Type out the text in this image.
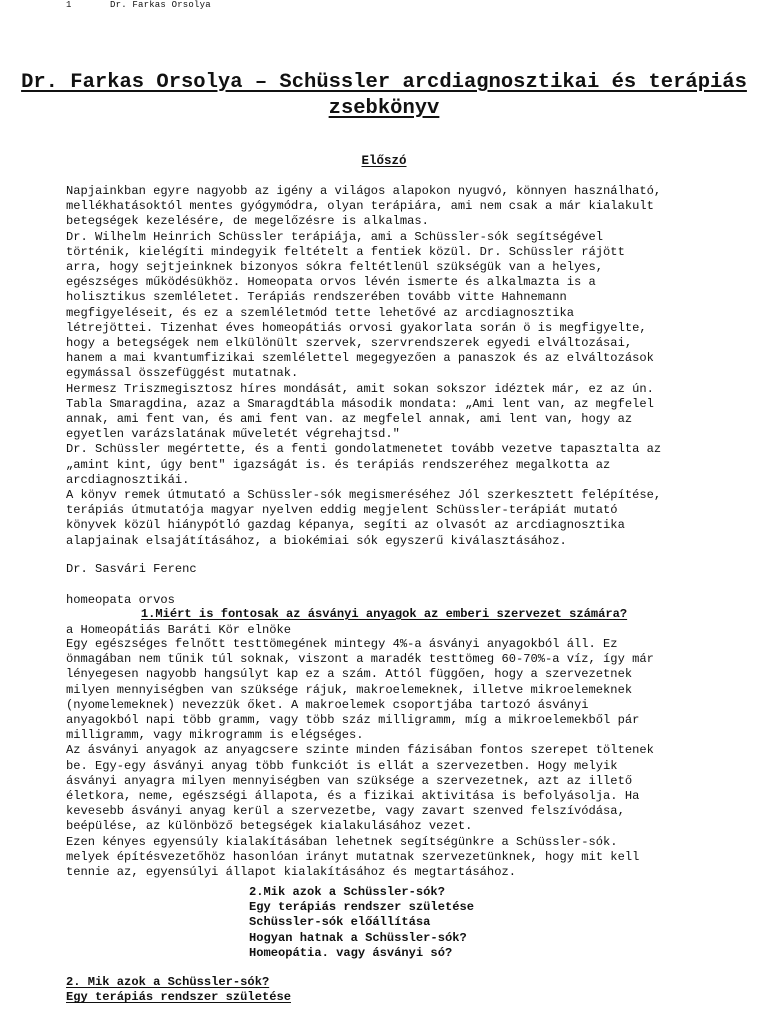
1	Dr. Farkas Orsolya
Dr. Farkas Orsolya – Schüssler arcdiagnosztikai és terápiás zsebkönyv
Előszó
Napjainkban egyre nagyobb az igény a világos alapokon nyugvó, könnyen használható,
mellékhatásoktól mentes gyógymódra, olyan terápiára, ami nem csak a már kialakult
betegségek kezelésére, de megelőzésre is alkalmas.
Dr. Wilhelm Heinrich Schüssler terápiája, ami a Schüssler-sók segítségével
történik, kielégíti mindegyik feltételt a fentiek közül. Dr. Schüssler rájött
arra, hogy sejtjeinknek bizonyos sókra feltétlenül szükségük van a helyes,
egészséges működésükhöz. Homeopata orvos lévén ismerte és alkalmazta is a
holisztikus szemléletet. Terápiás rendszerében tovább vitte Hahnemann
megfigyeléseit, és ez a szemléletmód tette lehetővé az arcdiagnosztika
létrejöttei. Tizenhat éves homeopátiás orvosi gyakorlata során ö is megfigyelte,
hogy a betegségek nem elkülönült szervek, szervrendszerek egyedi elváltozásai,
hanem a mai kvantumfizikai szemlélettel megegyezően a panaszok és az elváltozások
egymással összefüggést mutatnak.
Hermesz Triszmegisztosz híres mondását, amit sokan sokszor idéztek már, ez az ún.
Tabla Smaragdina, azaz a Smaragdtábla második mondata: „Ami lent van, az megfelel
annak, ami fent van, és ami fent van. az megfelel annak, ami lent van, hogy az
egyetlen varázslatának műveletét végrehajtsd."
Dr. Schüssler megértette, és a fenti gondolatmenetet tovább vezetve tapasztalta az
„amint kint, úgy bent" igazságát is. és terápiás rendszeréhez megalkotta az
arcdiagnosztikái.
A könyv remek útmutató a Schüssler-sók megismeréséhez Jól szerkesztett felépítése,
terápiás útmutatója magyar nyelven eddig megjelent Schüssler-terápiát mutató
könyvek közül hiánypótló gazdag képanya, segíti az olvasót az arcdiagnosztika
alapjainak elsajátításához, a biokémiai sók egyszerű kiválasztásához.

Dr. Sasvári Ferenc

homeopata orvos

a Homeopátiás Baráti Kör elnöke

1.Miért is fontosak az ásványi anyagok az emberi szervezet számára?
Egy egészséges felnőtt testtömegének mintegy 4%-a ásványi anyagokból áll. Ez
önmagában nem tűnik túl soknak, viszont a maradék testtömeg 60-70%-a víz, így már
lényegesen nagyobb hangsúlyt kap ez a szám. Attól függően, hogy a szervezetnek
milyen mennyiségben van szüksége rájuk, makroelemeknek, illetve mikroelemeknek
(nyomelemeknek) nevezzük őket. A makroelemek csoportjába tartozó ásványi
anyagokból napi több gramm, vagy több száz milligramm, míg a mikroelemekből pár
milligramm, vagy mikrogramm is elégséges.
Az ásványi anyagok az anyagcsere szinte minden fázisában fontos szerepet töltenek
be. Egy-egy ásványi anyag több funkciót is ellát a szervezetben. Hogy melyik
ásványi anyagra milyen mennyiségben van szüksége a szervezetnek, azt az illető
életkora, neme, egészségi állapota, és a fizikai aktivitása is befolyásolja. Ha
kevesebb ásványi anyag kerül a szervezetbe, vagy zavart szenved felszívódása,
beépülése, az különböző betegségek kialakulásához vezet.
Ezen kényes egyensúly kialakításában lehetnek segítségünkre a Schüssler-sók.
melyek építésvezetőhöz hasonlóan irányt mutatnak szervezetünknek, hogy mit kell
tennie az, egyensúlyi állapot kialakításához és megtartásához.
2.Mik azok a Schüssler-sók?
Egy terápiás rendszer születése
Schüssler-sók előállítása
Hogyan hatnak a Schüssler-sók?
Homeopátia. vagy ásványi só?
2. Mik azok a Schüssler-sók?
Egy terápiás rendszer születése
